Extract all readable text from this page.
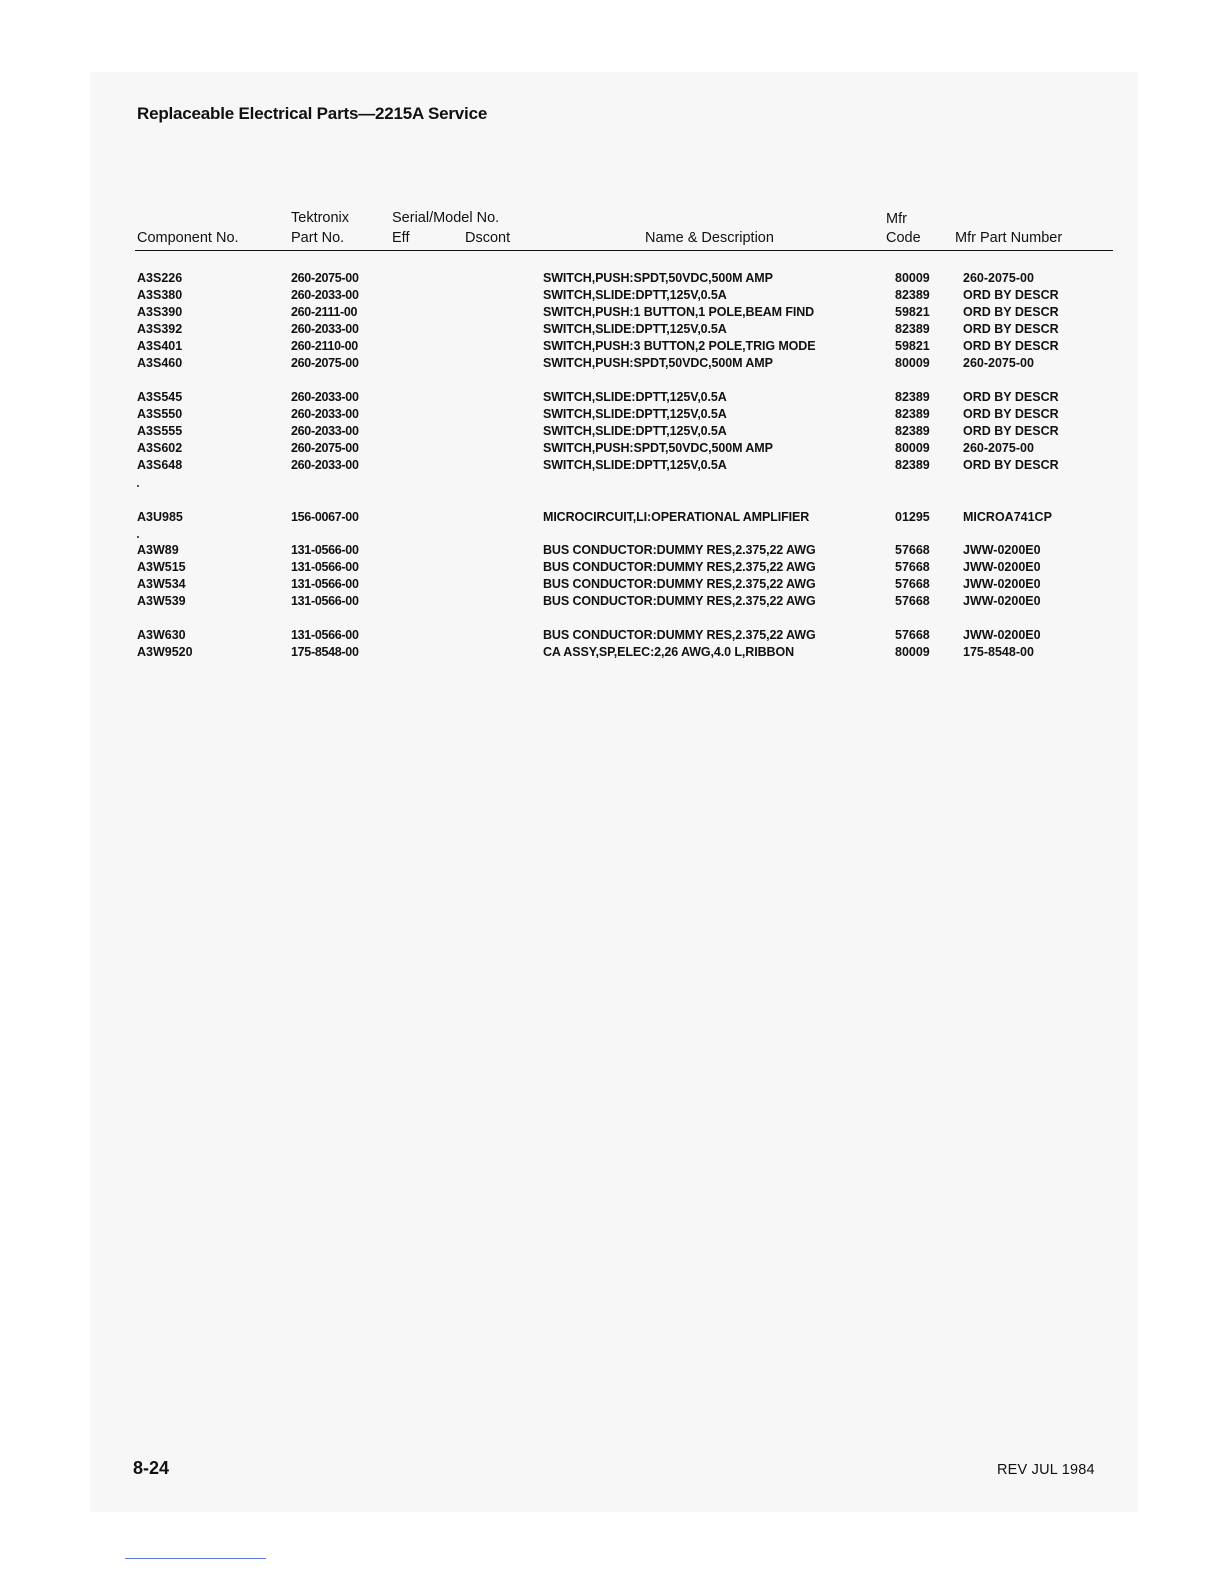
Replaceable Electrical Parts—2215A Service
Tektronix	Serial/Model No.	Mfr
Component No.	Part No.	Eff	Dscont	Name & Description	Code Mfr Part Number
A3S226	260-2075-00	SWITCH,PUSH:SPDT,50VDC,500M AMP	80009	260-2075-00
A3S380	260-2033-00	SWITCH,SLIDE:DPTT,125V,0.5A	82389	ORD BY DESCR
A3S390	260-2111-00	SWITCH,PUSH:1 BUTTON,1 POLE,BEAM FIND	59821	ORD BY DESCR
A3S392	260-2033-00	SWITCH,SLIDE:DPTT,125V,0.5A	82389	ORD BY DESCR
A3S401	260-2110-00	SWITCH,PUSH:3 BUTTON,2 POLE,TRIG MODE	59821	ORD BY DESCR
A3S460	260-2075-00	SWITCH,PUSH:SPDT,50VDC,500M AMP	80009	260-2075-00
A3S545	260-2033-00	SWITCH,SLIDE:DPTT,125V,0.5A	82389	ORD BY DESCR
A3S550	260-2033-00	SWITCH,SLIDE:DPTT,125V,0.5A	82389	ORD BY DESCR
A3S555	260-2033-00	SWITCH,SLIDE:DPTT,125V,0.5A	82389	ORD BY DESCR
A3S602	260-2075-00	SWITCH,PUSH:SPDT,50VDC,500M AMP	80009	260-2075-00
A3S648	260-2033-00	SWITCH,SLIDE:DPTT,125V,0.5A	82389	ORD BY DESCR
A3U985	156-0067-00	MICROCIRCUIT,LI:OPERATIONAL AMPLIFIER	01295	MICROA741CP
A3W89	131-0566-00	BUS CONDUCTOR:DUMMY RES,2.375,22 AWG	57668	JWW-0200E0
A3W515	131-0566-00	BUS CONDUCTOR:DUMMY RES,2.375,22 AWG	57668	JWW-0200E0
A3W534	131-0566-00	BUS CONDUCTOR:DUMMY RES,2.375,22 AWG	57668	JWW-0200E0
A3W539	131-0566-00	BUS CONDUCTOR:DUMMY RES,2.375,22 AWG	57668	JWW-0200E0
A3W630	131-0566-00	BUS CONDUCTOR:DUMMY RES,2.375,22 AWG	57668	JWW-0200E0
A3W9520	175-8548-00	CA ASSY,SP,ELEC:2,26 AWG,4.0 L,RIBBON	80009	175-8548-00
8-24	REV JUL 1984
